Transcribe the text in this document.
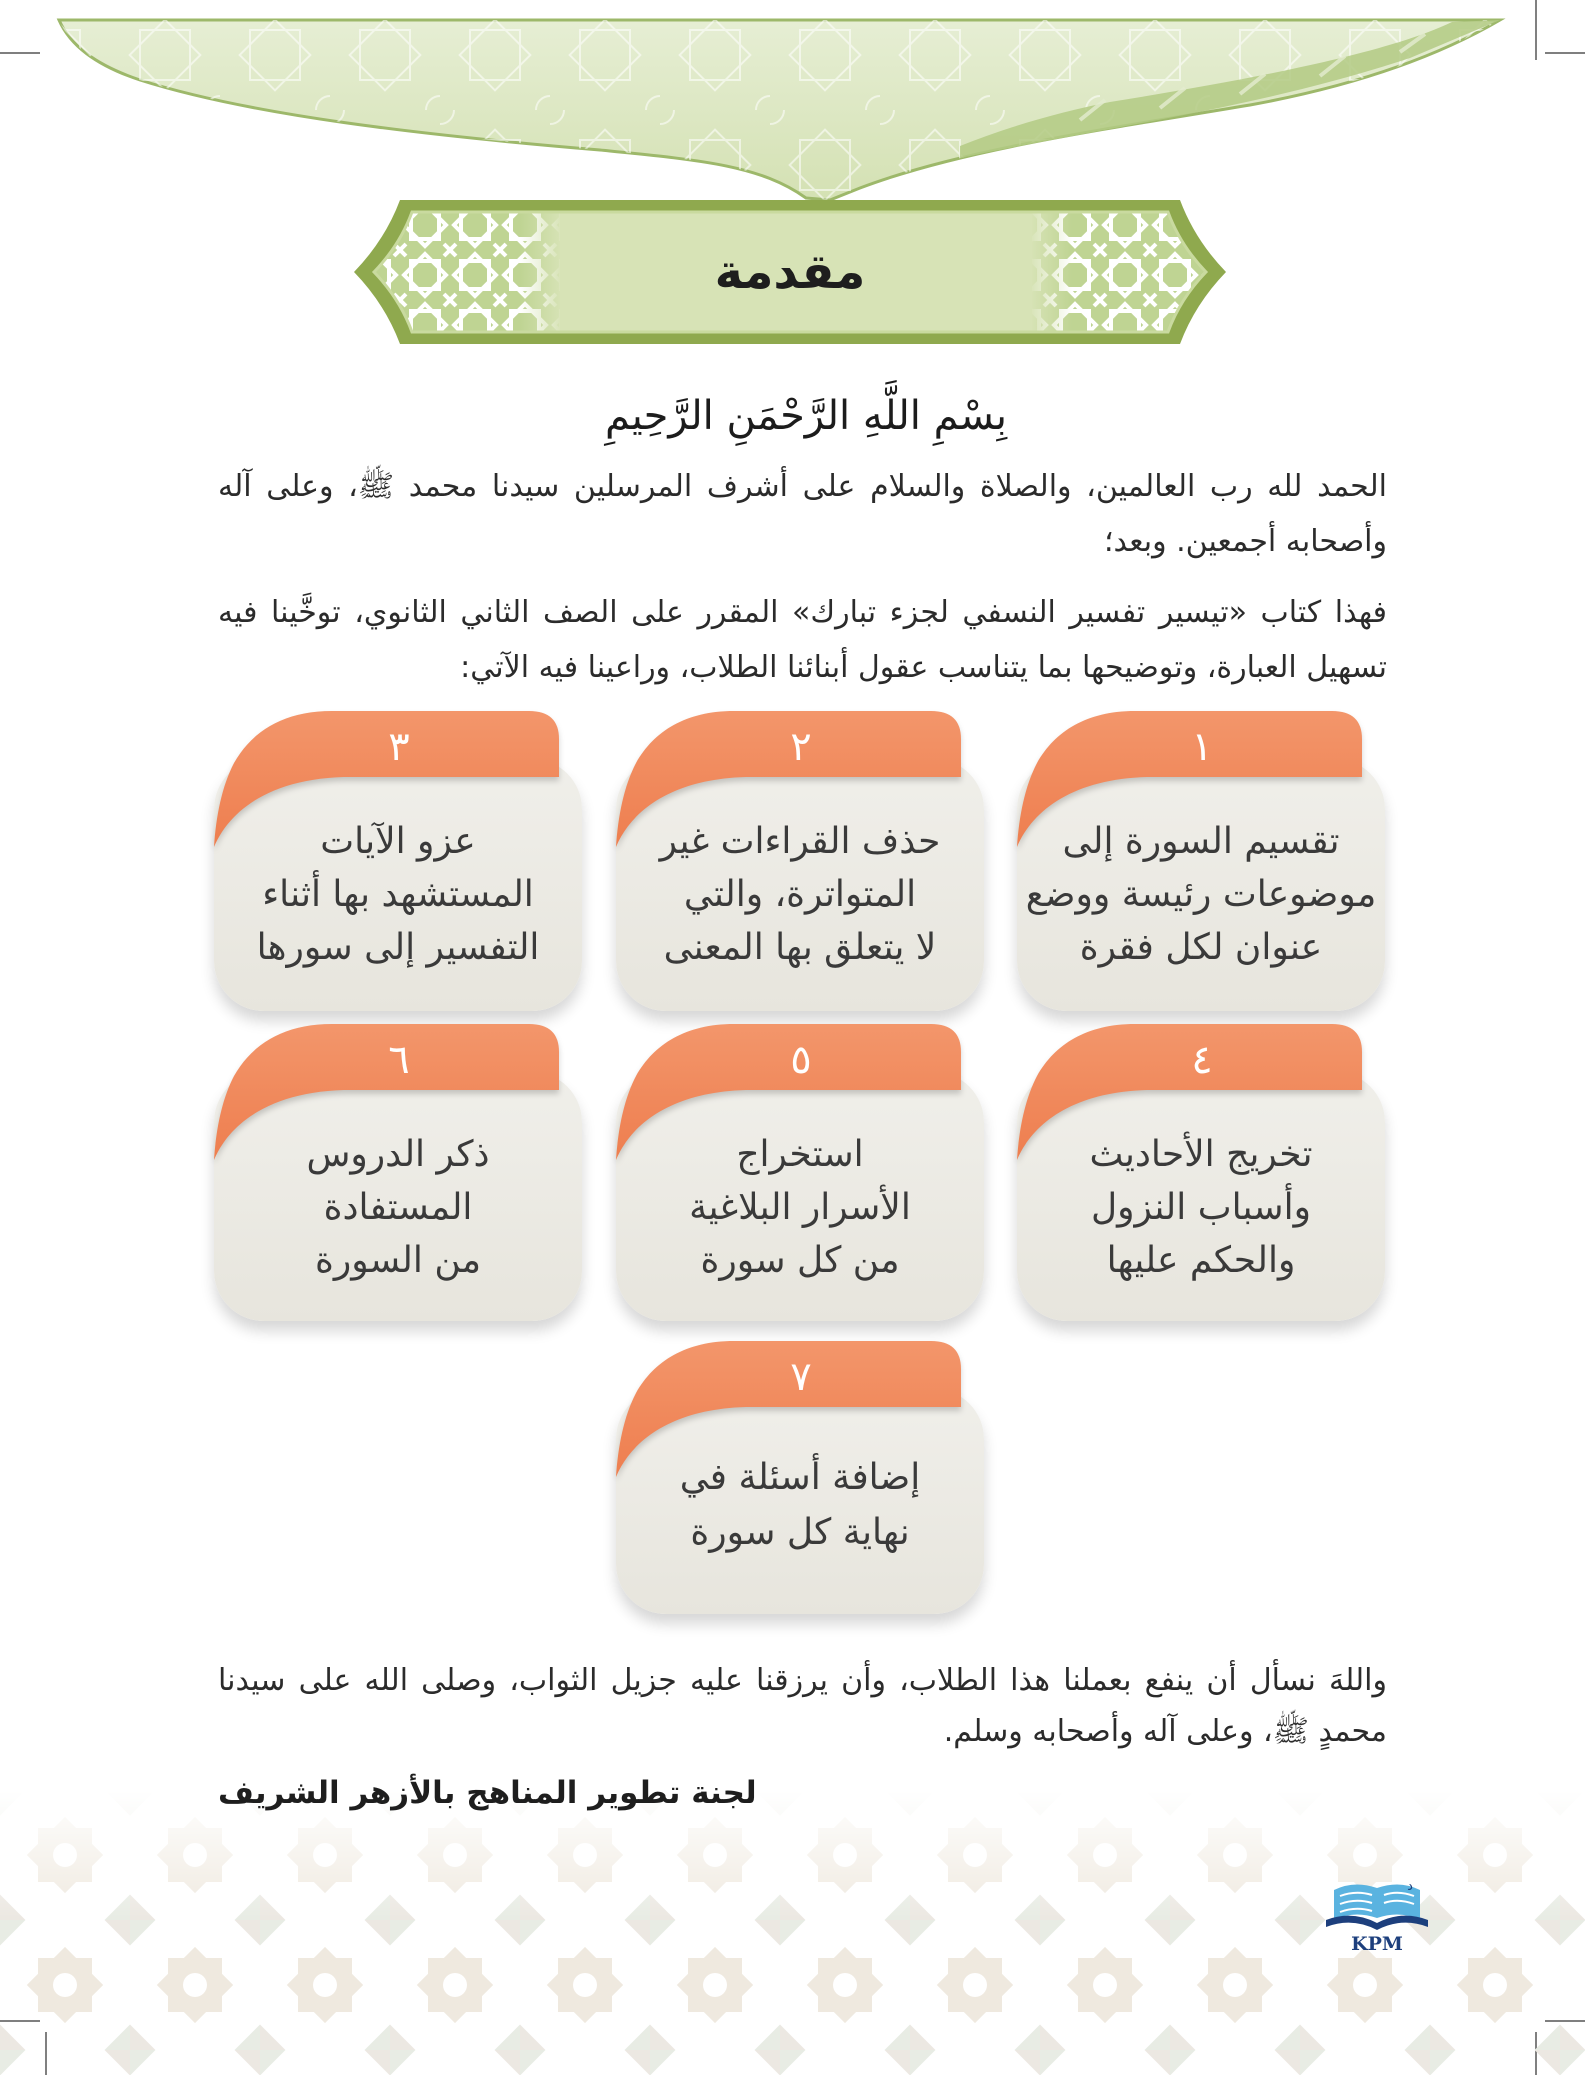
مقدمة
بِسْمِ اللَّهِ الرَّحْمَنِ الرَّحِيمِ
الحمد لله رب العالمين، والصلاة والسلام على أشرف المرسلين سيدنا محمد ﷺ، وعلى آله
وأصحابه أجمعين. وبعد؛
فهذا كتاب «تيسير تفسير النسفي لجزء تبارك» المقرر على الصف الثاني الثانوي، توخَّينا فيه
تسهيل العبارة، وتوضيحها بما يتناسب عقول أبنائنا الطلاب، وراعينا فيه الآتي:
١
تقسيم السورة إلى
موضوعات رئيسة ووضع
عنوان لكل فقرة
٢
حذف القراءات غير
المتواترة، والتي
لا يتعلق بها المعنى
٣
عزو الآيات
المستشهد بها أثناء
التفسير إلى سورها
٤
تخريج الأحاديث
وأسباب النزول
والحكم عليها
٥
استخراج
الأسرار البلاغية
من كل سورة
٦
ذكر الدروس
المستفادة
من السورة
٧
إضافة أسئلة في
نهاية كل سورة
واللهَ نسأل أن ينفع بعملنا هذا الطلاب، وأن يرزقنا عليه جزيل الثواب، وصلى الله على سيدنا
محمدٍ ﷺ، وعلى آله وأصحابه وسلم.
لجنة تطوير المناهج بالأزهر الشريف
د
KPM
